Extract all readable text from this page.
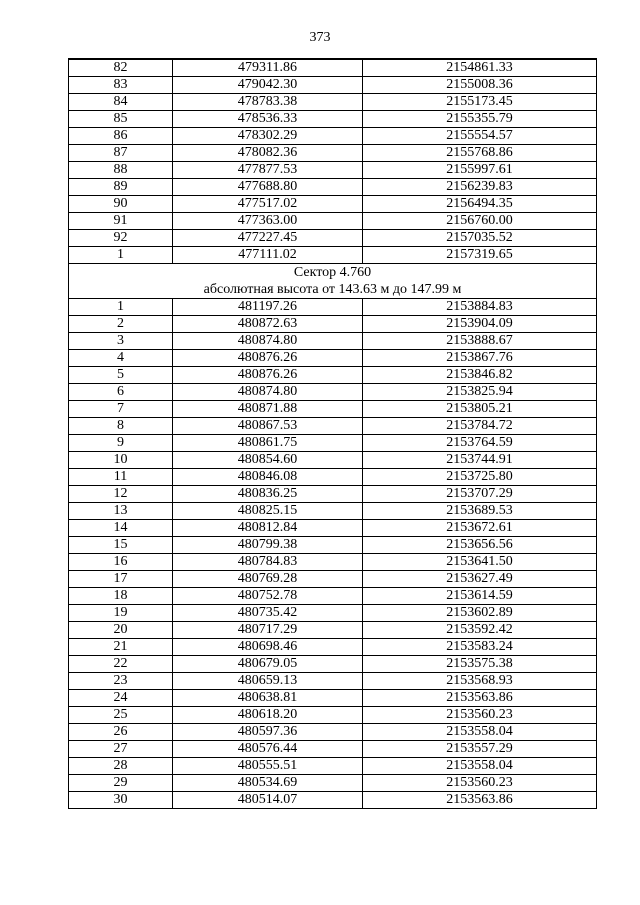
373
82	479311.86	2154861.33
83	479042.30	2155008.36
84	478783.38	2155173.45
85	478536.33	2155355.79
86	478302.29	2155554.57
87	478082.36	2155768.86
88	477877.53	2155997.61
89	477688.80	2156239.83
90	477517.02	2156494.35
91	477363.00	2156760.00
92	477227.45	2157035.52
1	477111.02	2157319.65

Сектор 4.760
абсолютная высота от 143.63 м до 147.99 м		

1	481197.26	2153884.83
2	480872.63	2153904.09
3	480874.80	2153888.67
4	480876.26	2153867.76
5	480876.26	2153846.82
6	480874.80	2153825.94
7	480871.88	2153805.21
8	480867.53	2153784.72
9	480861.75	2153764.59
10	480854.60	2153744.91
11	480846.08	2153725.80
12	480836.25	2153707.29
13	480825.15	2153689.53
14	480812.84	2153672.61
15	480799.38	2153656.56
16	480784.83	2153641.50
17	480769.28	2153627.49
18	480752.78	2153614.59
19	480735.42	2153602.89
20	480717.29	2153592.42
21	480698.46	2153583.24
22	480679.05	2153575.38
23	480659.13	2153568.93
24	480638.81	2153563.86
25	480618.20	2153560.23
26	480597.36	2153558.04
27	480576.44	2153557.29
28	480555.51	2153558.04
29	480534.69	2153560.23
30	480514.07	2153563.86
